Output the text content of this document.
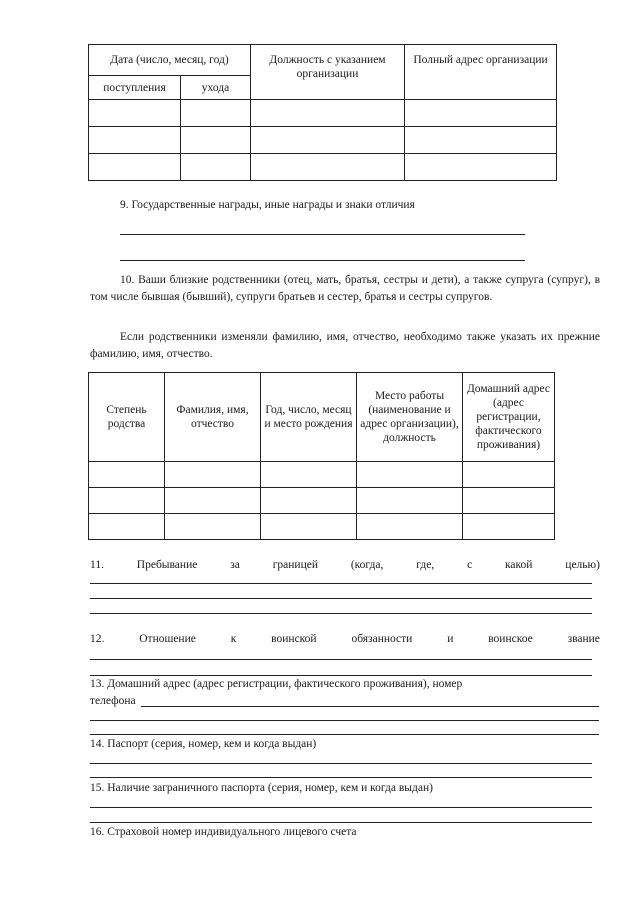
Дата (число, месяц, год)		Должность с указанием организации	Полный адрес организации
поступления	ухода		

9. Государственные награды, иные награды и знаки отличия
10. Ваши близкие родственники (отец, мать, братья, сестры и дети), а также супруга (супруг), в том числе бывшая (бывший), супруги братьев и сестер, братья и сестры супругов.
Если родственники изменяли фамилию, имя, отчество, необходимо также указать их прежние фамилию, имя, отчество.
Степень родства	Фамилия, имя, отчество	Год, число, месяц и место рождения	Место работы (наименование и адрес организации), должность	Домашний адрес (адрес регистрации, фактического проживания)

11.	Пребывание	за	границей	(когда,	где,	с	какой	целью)
12.	Отношение	к	воинской	обязанности	и	воинское	звание
13. Домашний адрес (адрес регистрации, фактического проживания), номер
телефона
14. Паспорт (серия, номер, кем и когда выдан)
15. Наличие заграничного паспорта (серия, номер, кем и когда выдан)
16. Страховой номер индивидуального лицевого счета
